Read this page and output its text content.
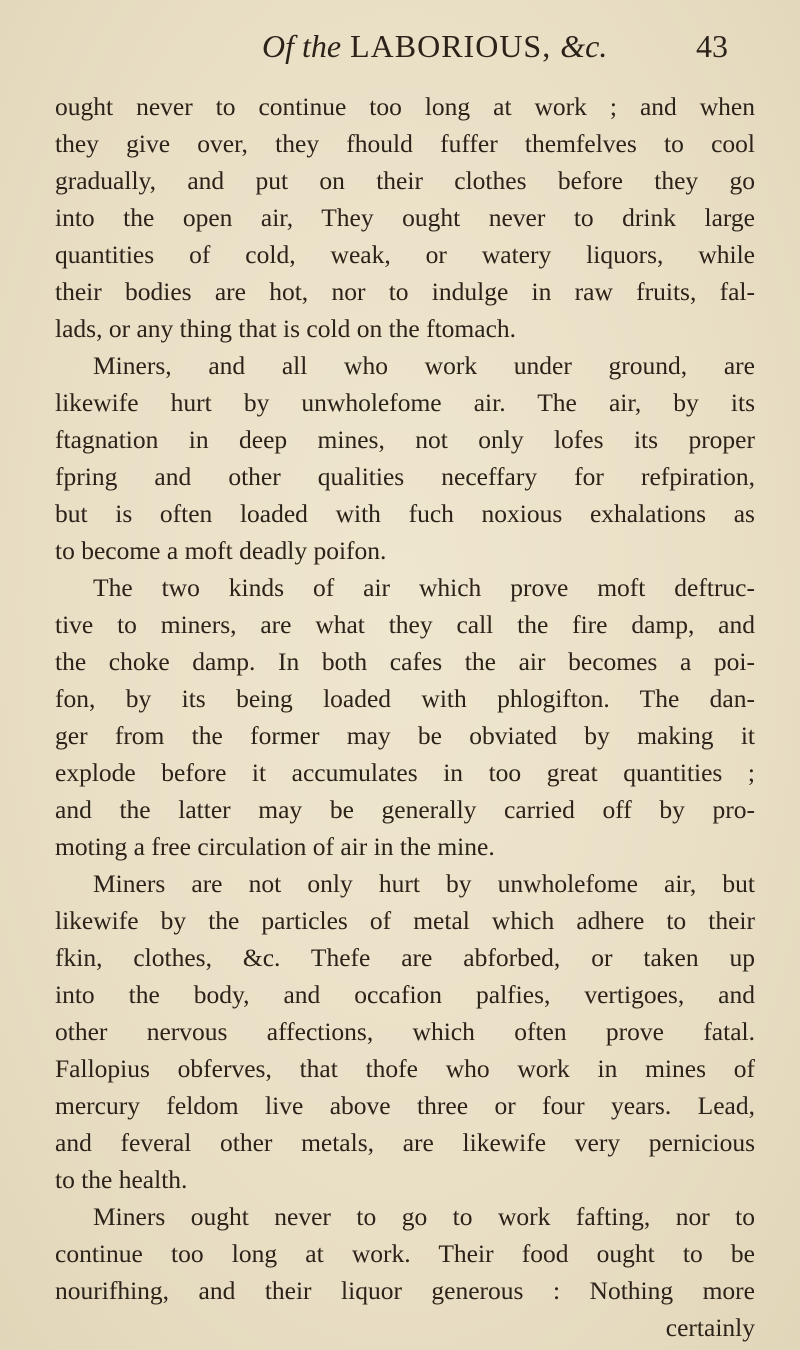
Of the LABORIOUS, &c.	43
ought never to continue too long at work ; and when
they give over, they fhould fuffer themfelves to cool
gradually, and put on their clothes before they go
into the open air, They ought never to drink large
quantities of cold, weak, or watery liquors, while
their bodies are hot, nor to indulge in raw fruits, fal-
lads, or any thing that is cold on the ftomach.
Miners, and all who work under ground, are
likewife hurt by unwholefome air. The air, by its
ftagnation in deep mines, not only lofes its proper
fpring and other qualities neceffary for refpiration,
but is often loaded with fuch noxious exhalations as
to become a moft deadly poifon.
The two kinds of air which prove moft deftruc-
tive to miners, are what they call the fire damp, and
the choke damp. In both cafes the air becomes a poi-
fon, by its being loaded with phlogifton. The dan-
ger from the former may be obviated by making it
explode before it accumulates in too great quantities ;
and the latter may be generally carried off by pro-
moting a free circulation of air in the mine.
Miners are not only hurt by unwholefome air, but
likewife by the particles of metal which adhere to their
fkin, clothes, &c. Thefe are abforbed, or taken up
into the body, and occafion palfies, vertigoes, and
other nervous affections, which often prove fatal.
Fallopius obferves, that thofe who work in mines of
mercury feldom live above three or four years. Lead,
and feveral other metals, are likewife very pernicious
to the health.
Miners ought never to go to work fafting, nor to
continue too long at work. Their food ought to be
nourifhing, and their liquor generous : Nothing more
certainly
